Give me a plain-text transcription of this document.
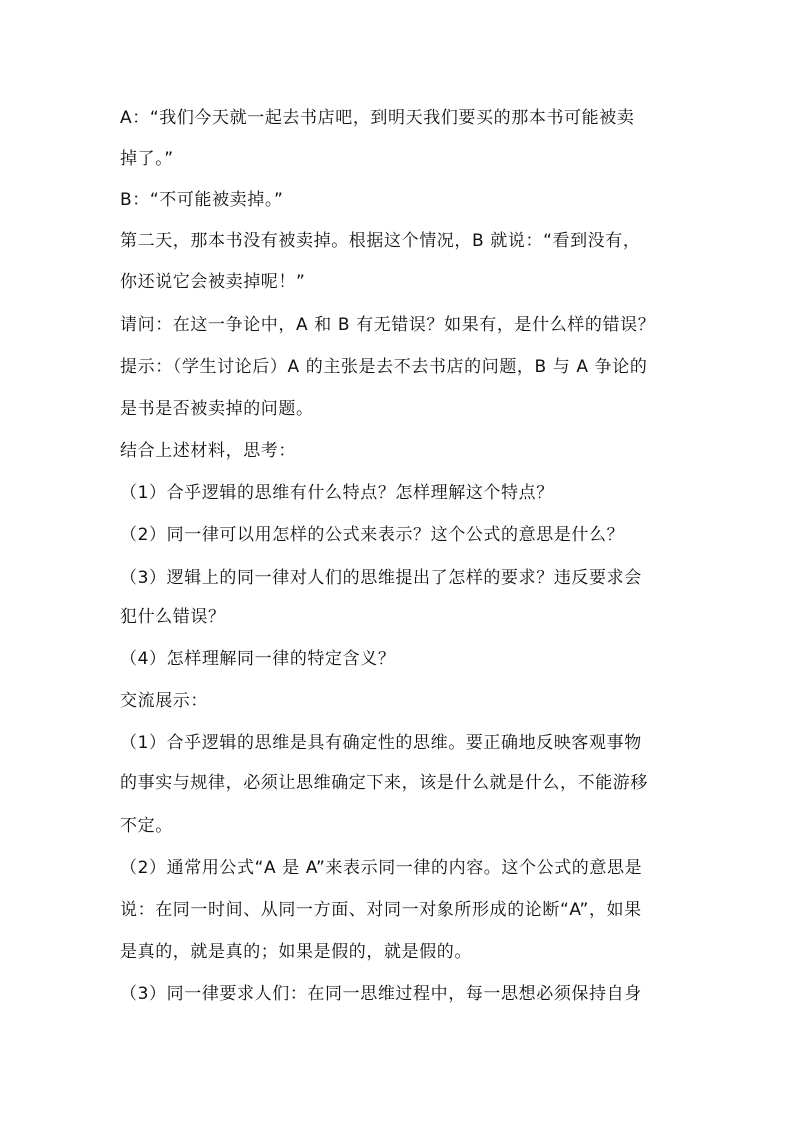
A：“我们今天就一起去书店吧，到明天我们要买的那本书可能被卖
掉了。”
B：“不可能被卖掉。”
第二天，那本书没有被卖掉。根据这个情况，B 就说：“看到没有，
你还说它会被卖掉呢！”
请问：在这一争论中，A 和 B 有无错误？如果有，是什么样的错误？
提示：（学生讨论后）A 的主张是去不去书店的问题，B 与 A 争论的
是书是否被卖掉的问题。
结合上述材料，思考：
（1）合乎逻辑的思维有什么特点？怎样理解这个特点？
（2）同一律可以用怎样的公式来表示？这个公式的意思是什么？
（3）逻辑上的同一律对人们的思维提出了怎样的要求？违反要求会
犯什么错误？
（4）怎样理解同一律的特定含义？
交流展示：
（1）合乎逻辑的思维是具有确定性的思维。要正确地反映客观事物
的事实与规律，必须让思维确定下来，该是什么就是什么，不能游移
不定。
（2）通常用公式“A 是 A”来表示同一律的内容。这个公式的意思是
说：在同一时间、从同一方面、对同一对象所形成的论断“A”，如果
是真的，就是真的；如果是假的，就是假的。
（3）同一律要求人们：在同一思维过程中，每一思想必须保持自身
